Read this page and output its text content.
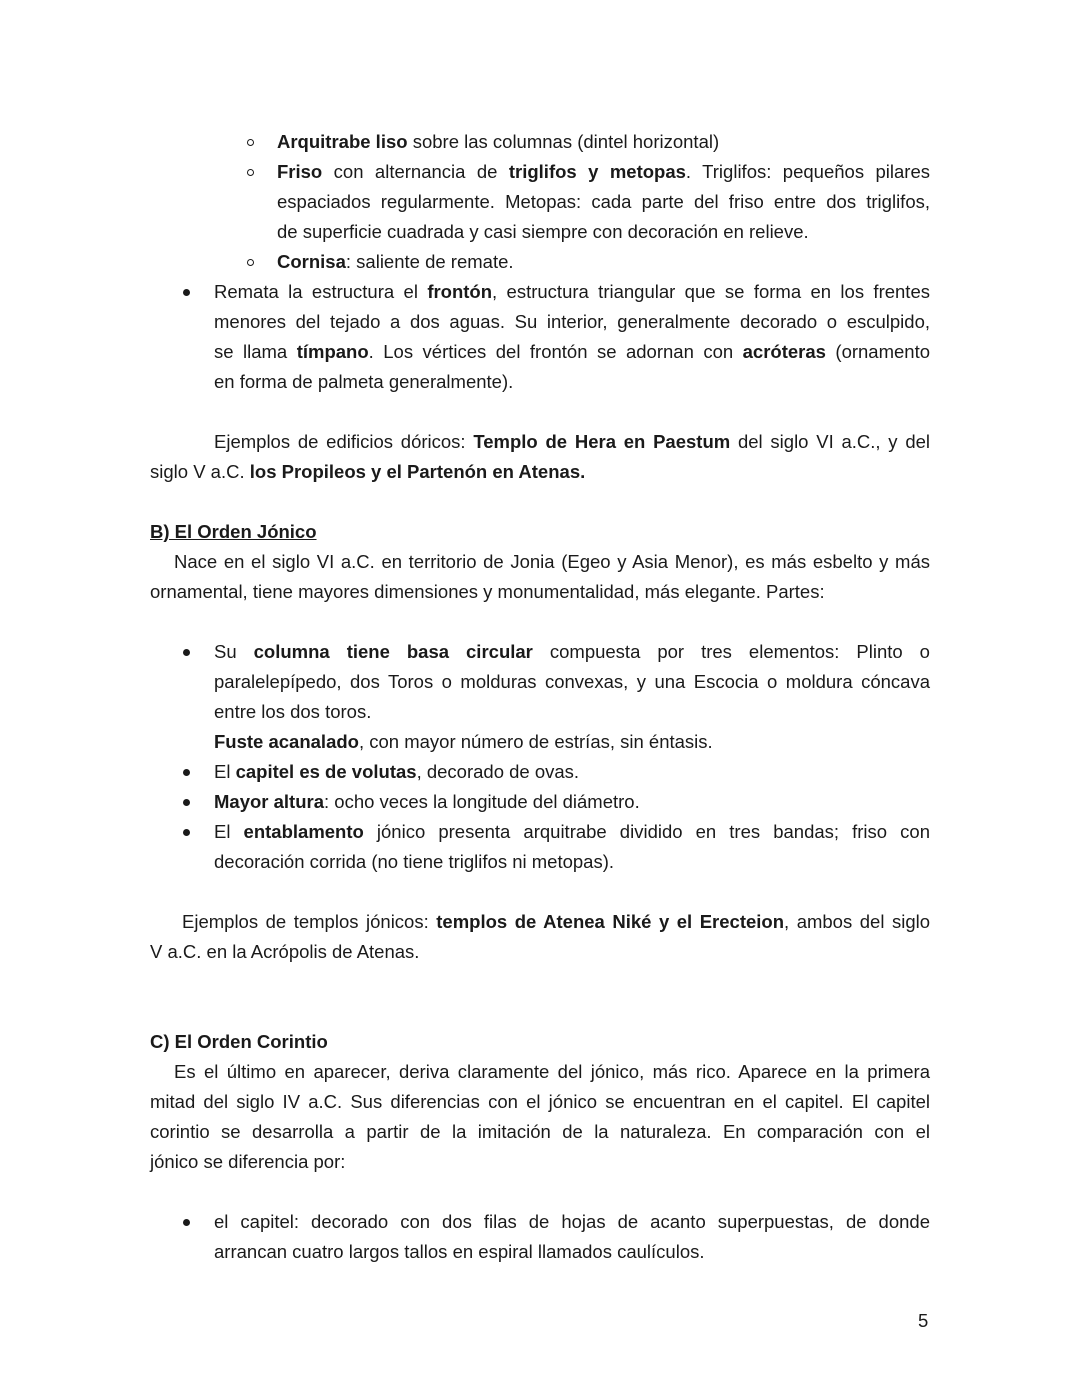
Arquitrabe liso sobre las columnas (dintel horizontal)
Friso con alternancia de triglifos y metopas. Triglifos: pequeños pilares
espaciados regularmente. Metopas: cada parte del friso entre dos triglifos,
de superficie cuadrada y casi siempre con decoración en relieve.
Cornisa: saliente de remate.
Remata la estructura el frontón, estructura triangular que se forma en los frentes
menores del tejado a dos aguas. Su interior, generalmente decorado o esculpido,
se llama tímpano. Los vértices del frontón se adornan con acróteras (ornamento
en forma de palmeta generalmente).
Ejemplos de edificios dóricos: Templo de Hera en Paestum del siglo VI a.C., y del
siglo V a.C. los Propileos y el Partenón en Atenas.
B) El Orden Jónico
Nace en el siglo VI a.C. en territorio de Jonia (Egeo y Asia Menor), es más esbelto y más
ornamental, tiene mayores dimensiones y monumentalidad, más elegante. Partes:
Su columna tiene basa circular compuesta por tres elementos: Plinto o
paralelepípedo, dos Toros o molduras convexas, y una Escocia o moldura cóncava
entre los dos toros.
Fuste acanalado, con mayor número de estrías, sin éntasis.
El capitel es de volutas, decorado de ovas.
Mayor altura: ocho veces la longitude del diámetro.
El entablamento jónico presenta arquitrabe dividido en tres bandas; friso con
decoración corrida (no tiene triglifos ni metopas).
Ejemplos de templos jónicos: templos de Atenea Niké y el Erecteion, ambos del siglo
V a.C. en la Acrópolis de Atenas.
C) El Orden Corintio
Es el último en aparecer, deriva claramente del jónico, más rico. Aparece en la primera
mitad del siglo IV a.C. Sus diferencias con el jónico se encuentran en el capitel. El capitel
corintio se desarrolla a partir de la imitación de la naturaleza. En comparación con el
jónico se diferencia por:
el capitel: decorado con dos filas de hojas de acanto superpuestas, de donde
arrancan cuatro largos tallos en espiral llamados caulículos.
5
